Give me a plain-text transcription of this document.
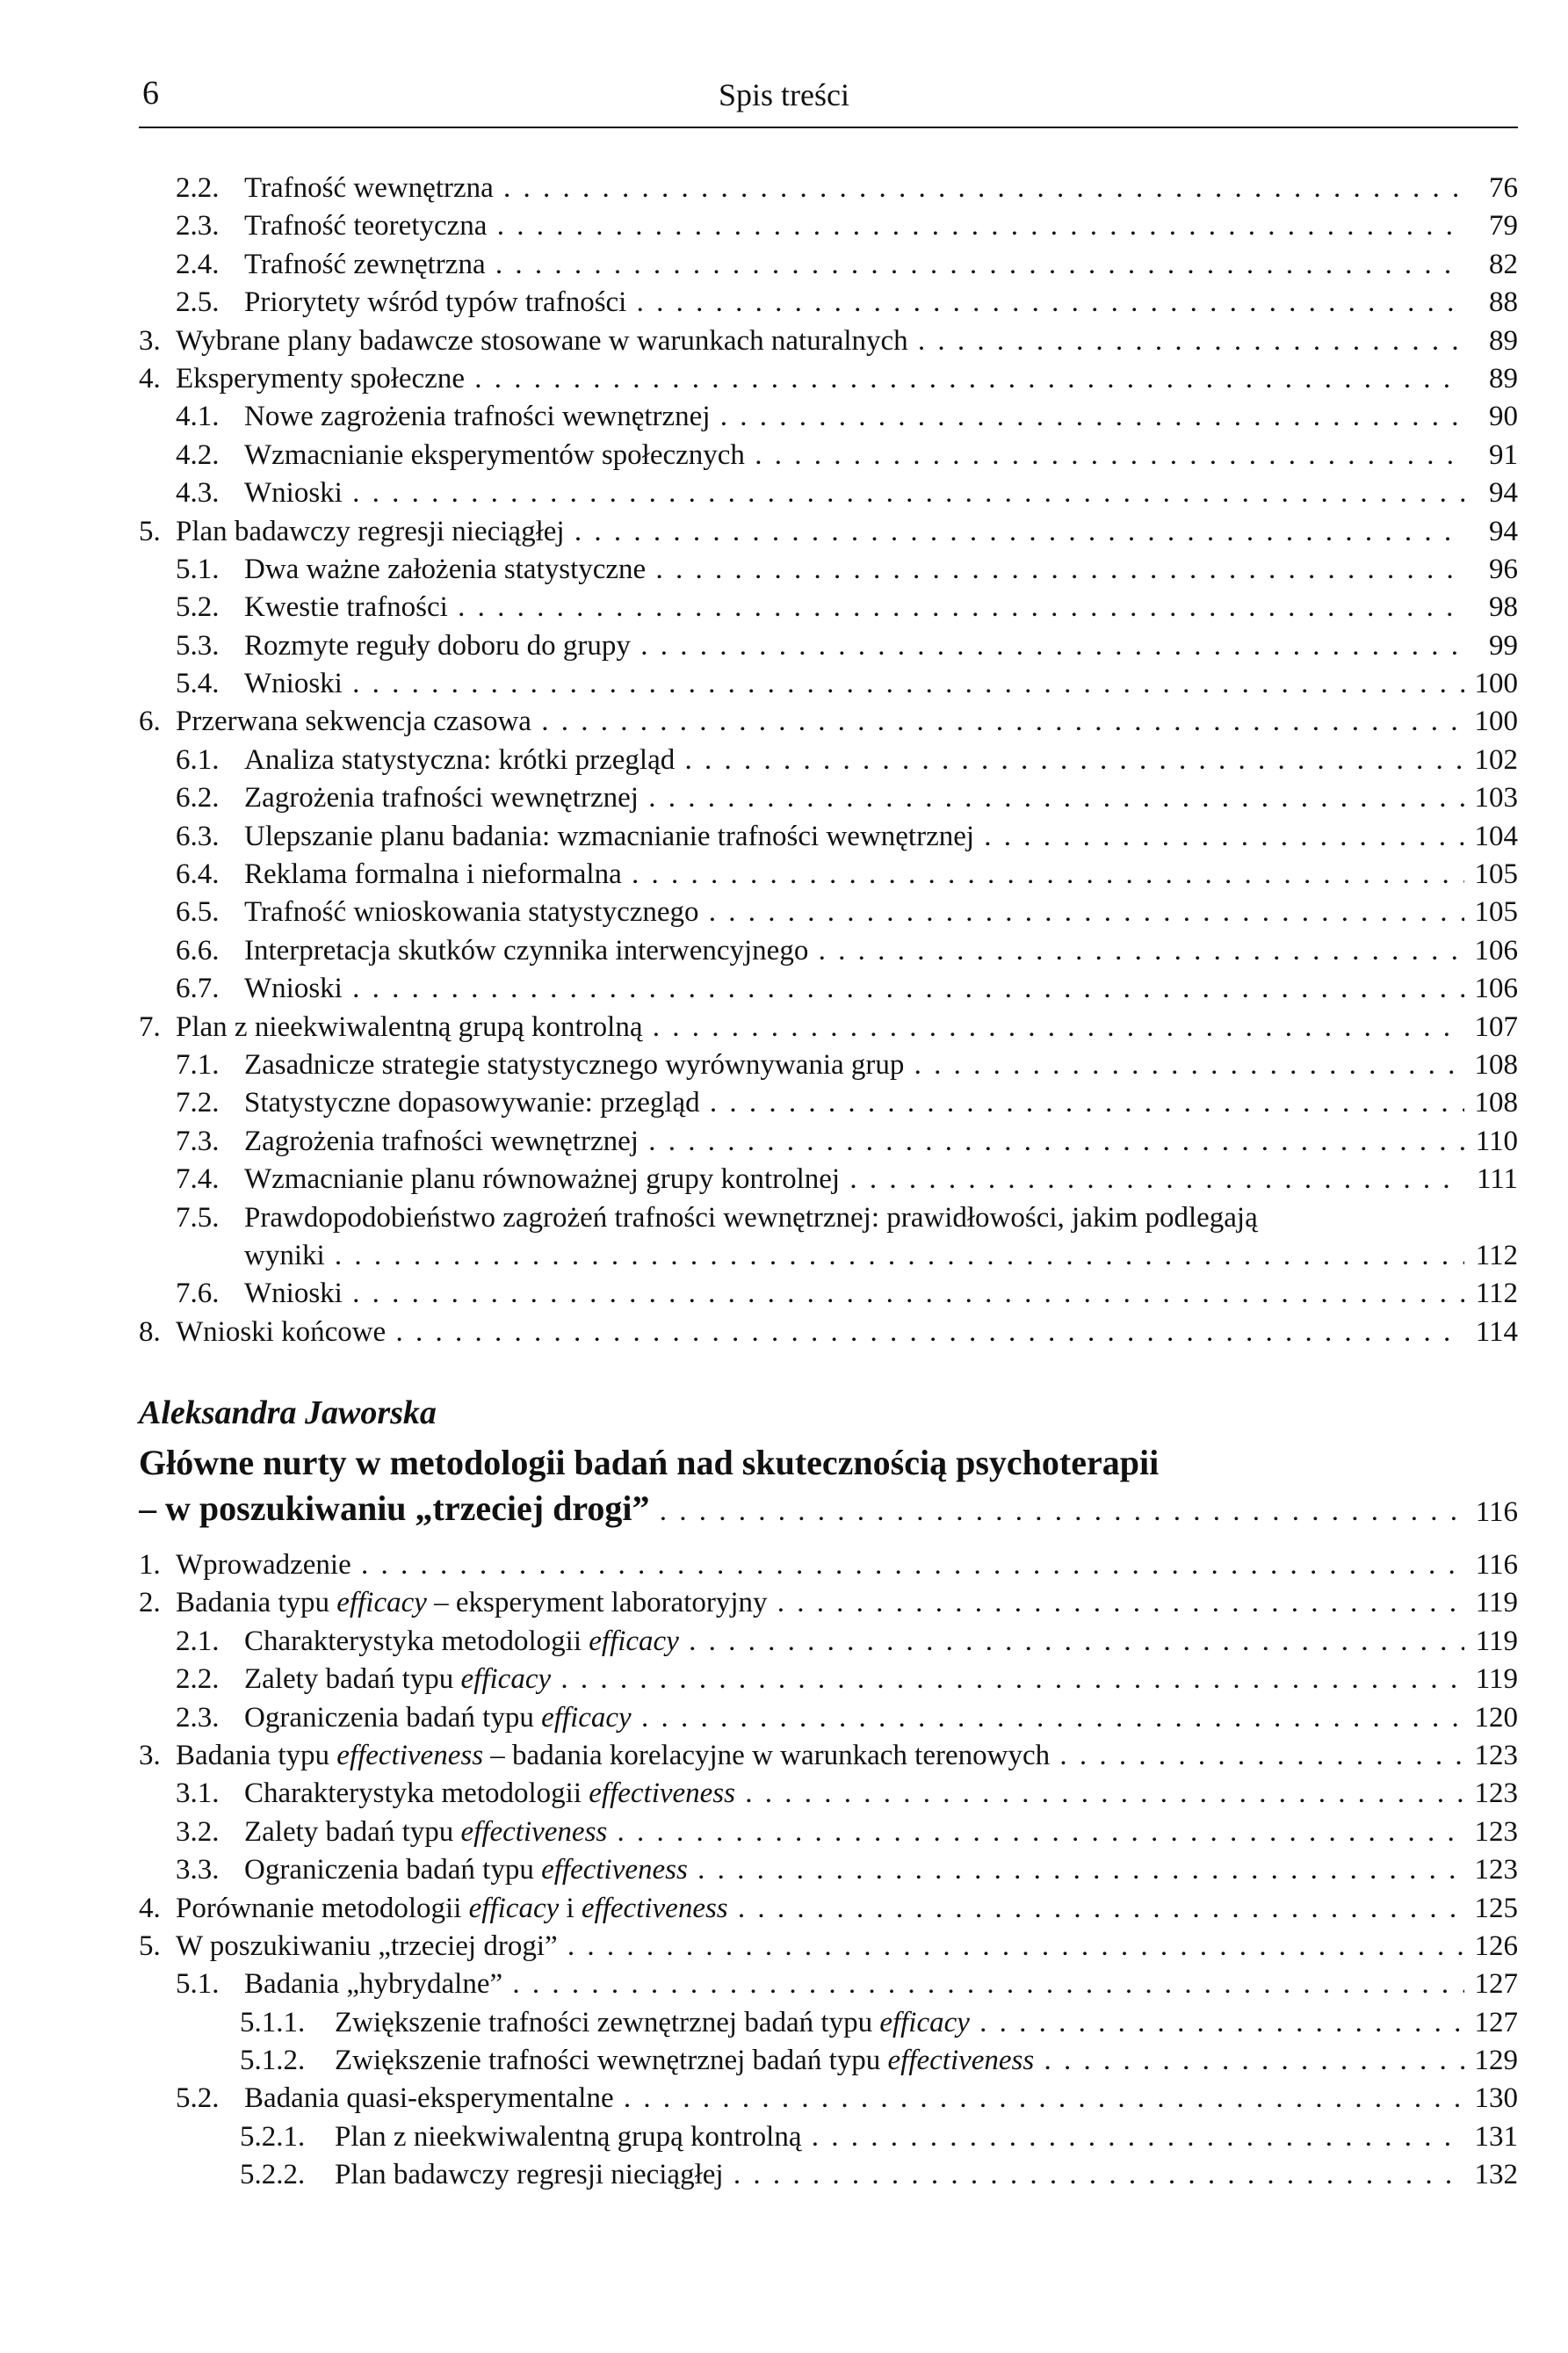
6	Spis treści
2.2. Trafność wewnętrzna . . .	76
2.3. Trafność teoretyczna . . .	79
2.4. Trafność zewnętrzna . . .	82
2.5. Priorytety wśród typów trafności . . .	88
3. Wybrane plany badawcze stosowane w warunkach naturalnych . . .	89
4. Eksperymenty społeczne . . .	89
4.1. Nowe zagrożenia trafności wewnętrznej . . .	90
4.2. Wzmacnianie eksperymentów społecznych . . .	91
4.3. Wnioski . . .	94
5. Plan badawczy regresji nieciągłej . . .	94
5.1. Dwa ważne założenia statystyczne . . .	96
5.2. Kwestie trafności . . .	98
5.3. Rozmyte reguły doboru do grupy . . .	99
5.4. Wnioski . . .	100
6. Przerwana sekwencja czasowa . . .	100
6.1. Analiza statystyczna: krótki przegląd . . .	102
6.2. Zagrożenia trafności wewnętrznej . . .	103
6.3. Ulepszanie planu badania: wzmacnianie trafności wewnętrznej . . .	104
6.4. Reklama formalna i nieformalna . . .	105
6.5. Trafność wnioskowania statystycznego . . .	105
6.6. Interpretacja skutków czynnika interwencyjnego . . .	106
6.7. Wnioski . . .	106
7. Plan z nieekwiwalentną grupą kontrolną . . .	107
7.1. Zasadnicze strategie statystycznego wyrównywania grup . . .	108
7.2. Statystyczne dopasowywanie: przegląd . . .	108
7.3. Zagrożenia trafności wewnętrznej . . .	110
7.4. Wzmacnianie planu równoważnej grupy kontrolnej . . .	111
7.5. Prawdopodobieństwo zagrożeń trafności wewnętrznej: prawidłowości, jakim podlegają
wyniki . . .	112
7.6. Wnioski . . .	112
8. Wnioski końcowe . . .	114
Aleksandra Jaworska
Główne nurty w metodologii badań nad skutecznością psychoterapii
– w poszukiwaniu „trzeciej drogi” . . .	116
1. Wprowadzenie . . .	116
2. Badania typu efficacy – eksperyment laboratoryjny . . .	119
2.1. Charakterystyka metodologii efficacy . . .	119
2.2. Zalety badań typu efficacy . . .	119
2.3. Ograniczenia badań typu efficacy . . .	120
3. Badania typu effectiveness – badania korelacyjne w warunkach terenowych . . .	123
3.1. Charakterystyka metodologii effectiveness . . .	123
3.2. Zalety badań typu effectiveness . . .	123
3.3. Ograniczenia badań typu effectiveness . . .	123
4. Porównanie metodologii efficacy i effectiveness . . .	125
5. W poszukiwaniu „trzeciej drogi” . . .	126
5.1. Badania „hybrydalne” . . .	127
5.1.1. Zwiększenie trafności zewnętrznej badań typu efficacy . . .	127
5.1.2. Zwiększenie trafności wewnętrznej badań typu effectiveness . . .	129
5.2. Badania quasi-eksperymentalne . . .	130
5.2.1. Plan z nieekwiwalentną grupą kontrolną . . .	131
5.2.2. Plan badawczy regresji nieciągłej . . .	132
